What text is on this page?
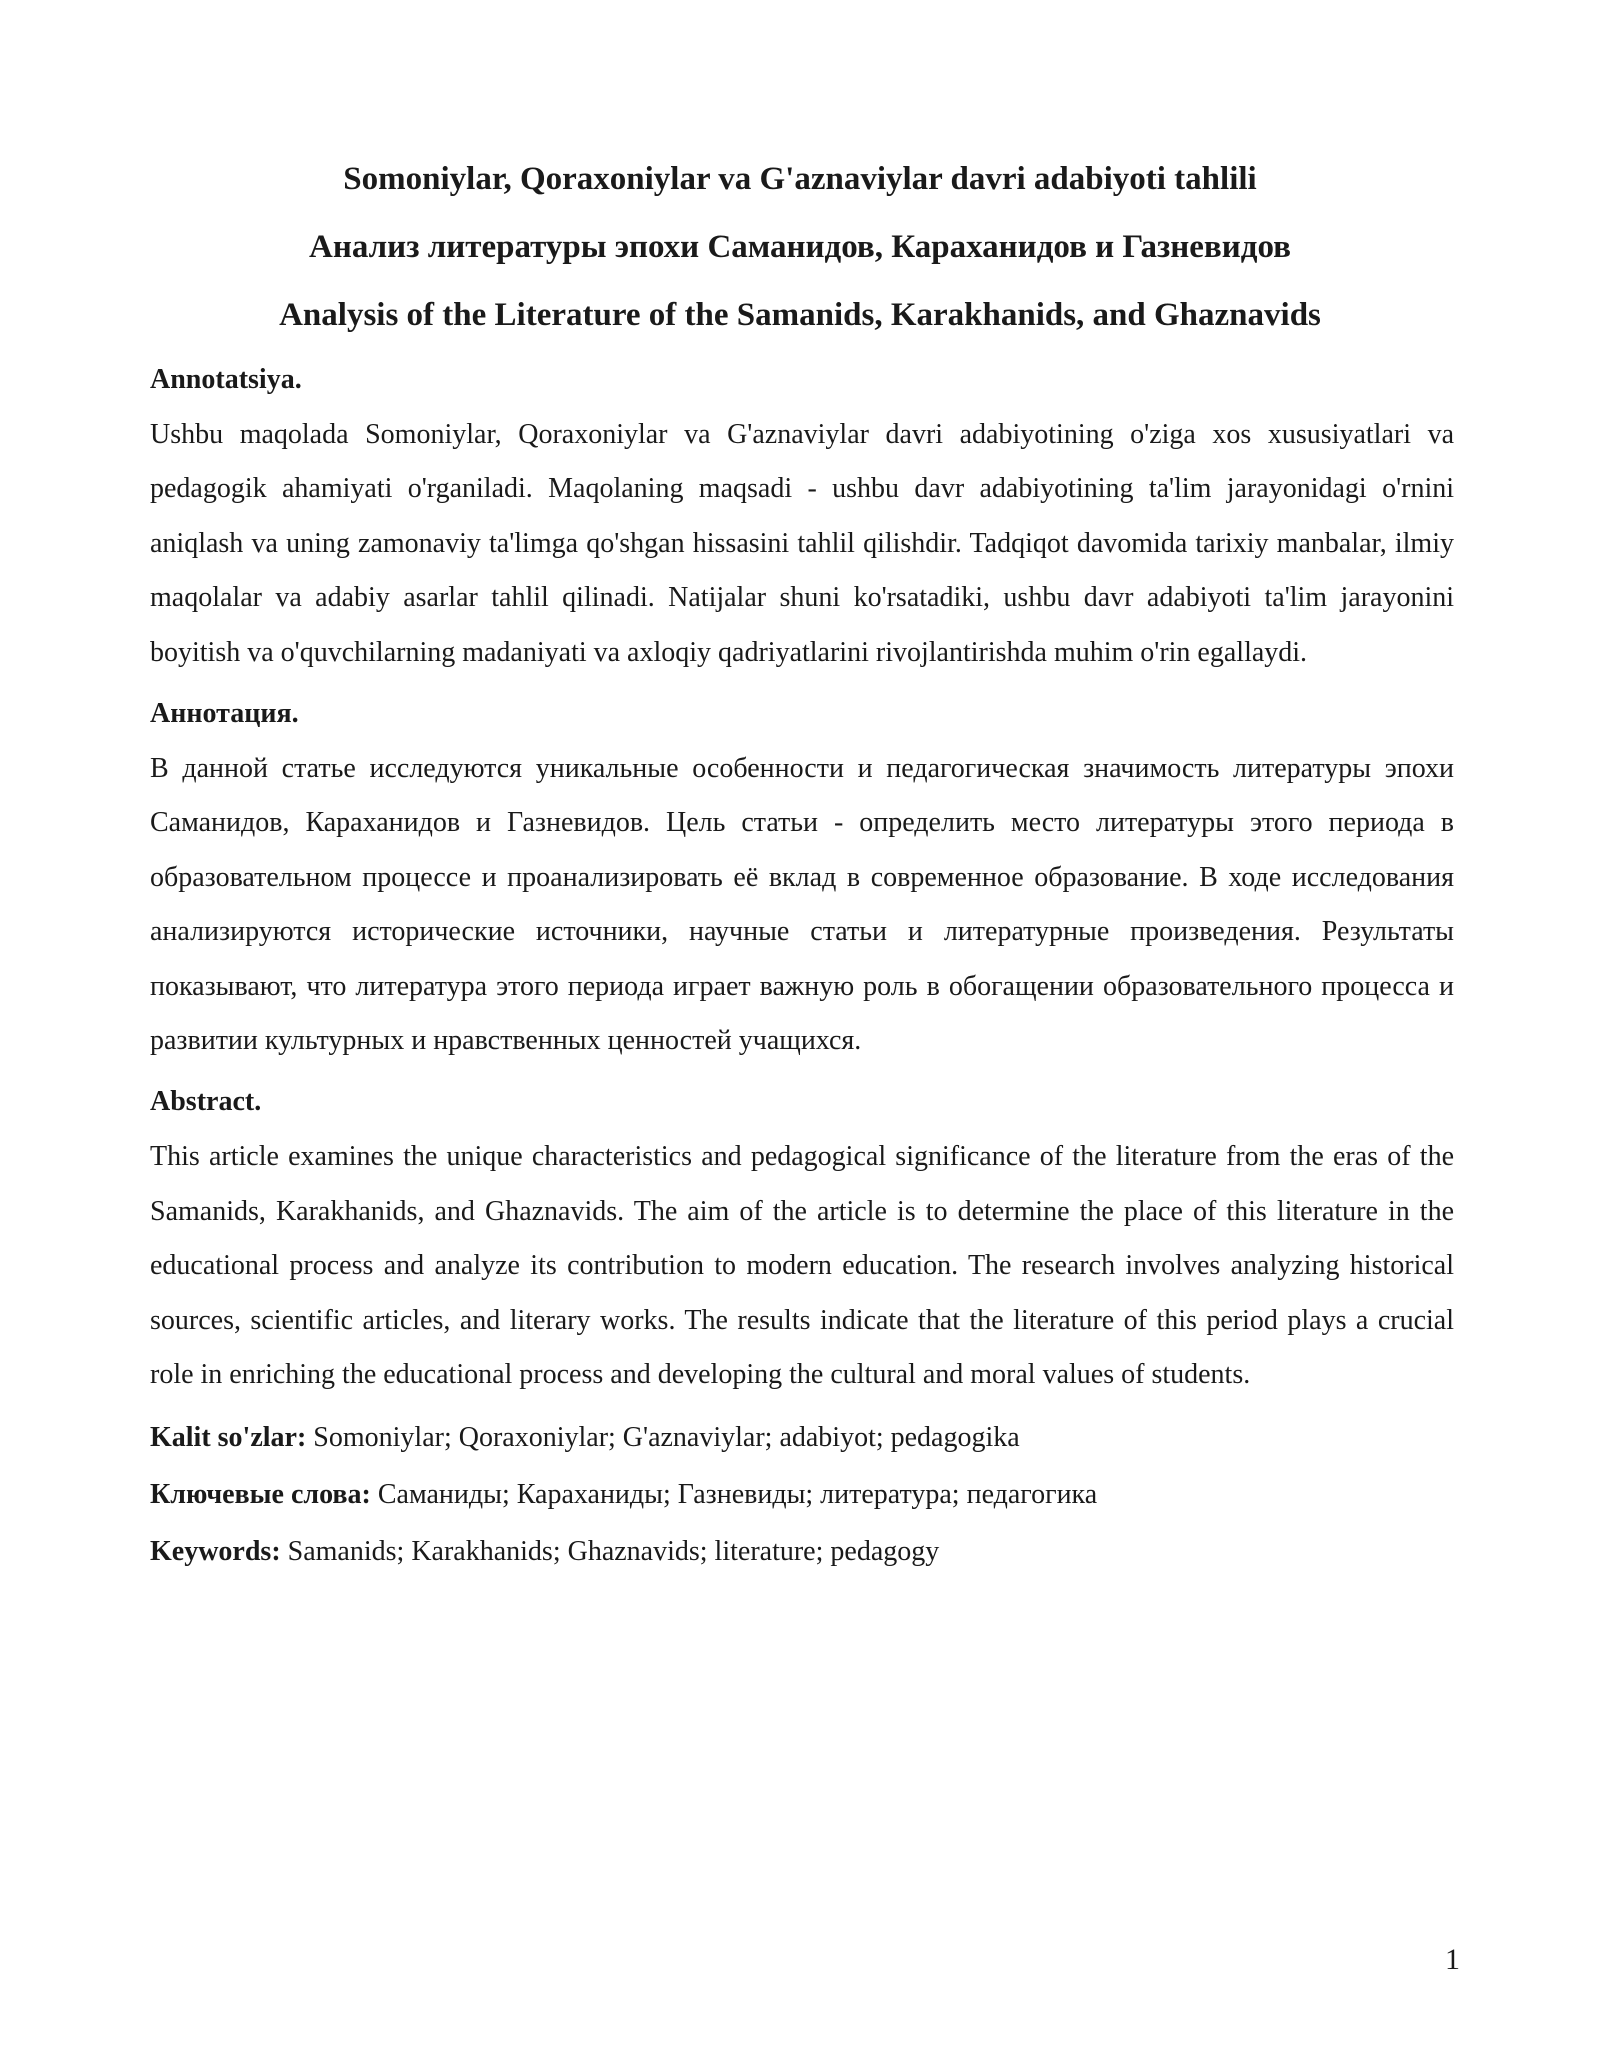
Somoniylar, Qoraxoniylar va G'aznaviylar davri adabiyoti tahlili

Анализ литературы эпохи Саманидов, Караханидов и Газневидов

Analysis of the Literature of the Samanids, Karakhanids, and Ghaznavids

Annotatsiya.

Ushbu maqolada Somoniylar, Qoraxoniylar va G'aznaviylar davri adabiyotining o'ziga xos xususiyatlari va pedagogik ahamiyati o'rganiladi. Maqolaning maqsadi - ushbu davr adabiyotining ta'lim jarayonidagi o'rnini aniqlash va uning zamonaviy ta'limga qo'shgan hissasini tahlil qilishdir. Tadqiqot davomida tarixiy manbalar, ilmiy maqolalar va adabiy asarlar tahlil qilinadi. Natijalar shuni ko'rsatadiki, ushbu davr adabiyoti ta'lim jarayonini boyitish va o'quvchilarning madaniyati va axloqiy qadriyatlarini rivojlantirishda muhim o'rin egallaydi.

Аннотация.

В данной статье исследуются уникальные особенности и педагогическая значимость литературы эпохи Саманидов, Караханидов и Газневидов. Цель статьи - определить место литературы этого периода в образовательном процессе и проанализировать её вклад в современное образование. В ходе исследования анализируются исторические источники, научные статьи и литературные произведения. Результаты показывают, что литература этого периода играет важную роль в обогащении образовательного процесса и развитии культурных и нравственных ценностей учащихся.

Abstract.

This article examines the unique characteristics and pedagogical significance of the literature from the eras of the Samanids, Karakhanids, and Ghaznavids. The aim of the article is to determine the place of this literature in the educational process and analyze its contribution to modern education. The research involves analyzing historical sources, scientific articles, and literary works. The results indicate that the literature of this period plays a crucial role in enriching the educational process and developing the cultural and moral values of students.

Kalit so'zlar: Somoniylar; Qoraxoniylar; G'aznaviylar; adabiyot; pedagogika

Ключевые слова: Саманиды; Караханиды; Газневиды; литература; педагогика

Keywords: Samanids; Karakhanids; Ghaznavids; literature; pedagogy

1
